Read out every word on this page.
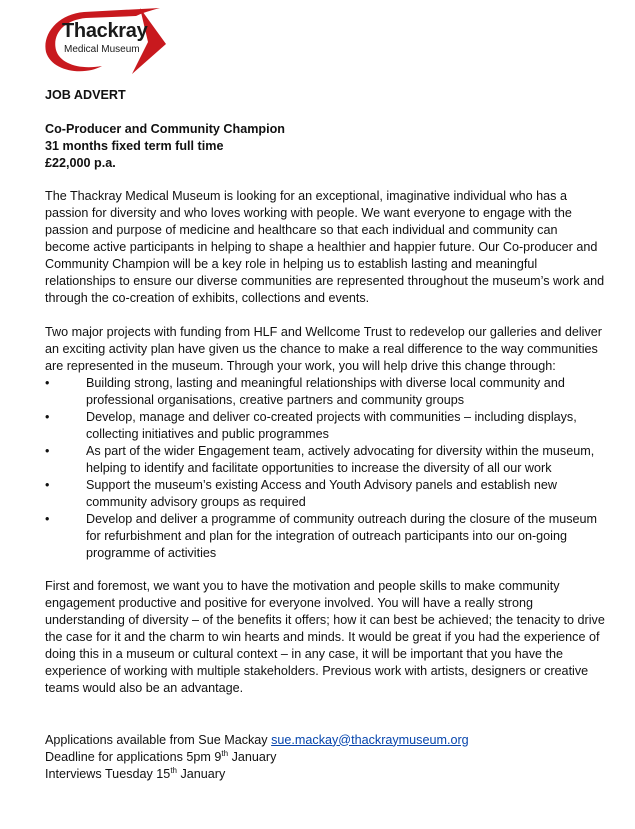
Thackray
Medical Museum

JOB ADVERT

Co-Producer and Community Champion

31 months fixed term full time

£22,000 p.a.

The Thackray Medical Museum is looking for an exceptional, imaginative individual who has a passion for diversity and who loves working with people. We want everyone to engage with the passion and purpose of medicine and healthcare so that each individual and community can become active participants in helping to shape a healthier and happier future. Our Co-producer and Community Champion will be a key role in helping us to establish lasting and meaningful relationships to ensure our diverse communities are represented throughout the museum’s work and through the co-creation of exhibits, collections and events.

Two major projects with funding from HLF and Wellcome Trust to redevelop our galleries and deliver an exciting activity plan have given us the chance to make a real difference to the way communities are represented in the museum. Through your work, you will help drive this change through:

•	Building strong, lasting and meaningful relationships with diverse local community and professional organisations, creative partners and community groups
•	Develop, manage and deliver co-created projects with communities – including displays, collecting initiatives and public programmes
•	As part of the wider Engagement team, actively advocating for diversity within the museum, helping to identify and facilitate opportunities to increase the diversity of all our work
•	Support the museum’s existing Access and Youth Advisory panels and establish new community advisory groups as required
•	Develop and deliver a programme of community outreach during the closure of the museum for refurbishment and plan for the integration of outreach participants into our on-going programme of activities

First and foremost, we want you to have the motivation and people skills to make community engagement productive and positive for everyone involved. You will have a really strong understanding of diversity – of the benefits it offers; how it can best be achieved; the tenacity to drive the case for it and the charm to win hearts and minds. It would be great if you had the experience of doing this in a museum or cultural context – in any case, it will be important that you have the experience of working with multiple stakeholders. Previous work with artists, designers or creative teams would also be an advantage.

Applications available from Sue Mackay sue.mackay@thackraymuseum.org

Deadline for applications 5pm 9th January

Interviews Tuesday 15th January
